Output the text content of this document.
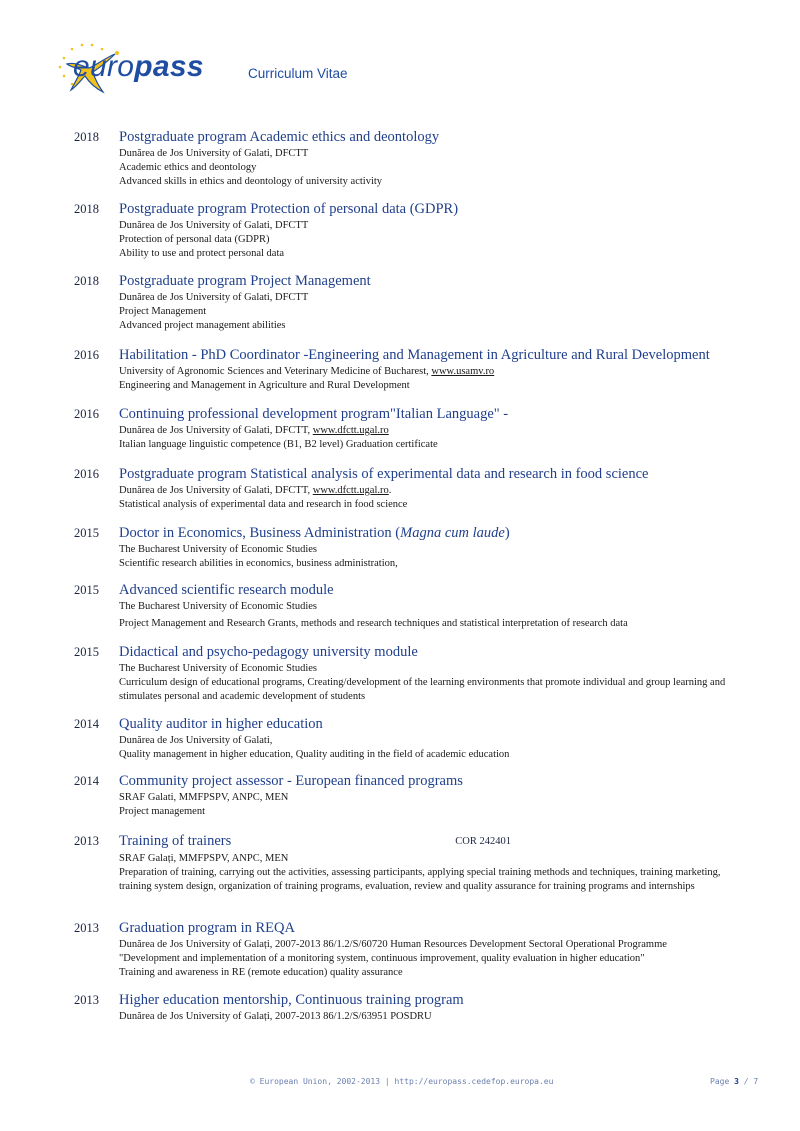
europass	Curriculum Vitae
2018 Postgraduate program Academic ethics and deontology
Dunărea de Jos University of Galati, DFCTT
Academic ethics and deontology
Advanced skills in ethics and deontology of university activity
2018 Postgraduate program Protection of personal data (GDPR)
Dunărea de Jos University of Galati, DFCTT
Protection of personal data (GDPR)
Ability to use and protect personal data
2018 Postgraduate program Project Management
Dunărea de Jos University of Galati, DFCTT
Project Management
Advanced project management abilities
2016 Habilitation - PhD Coordinator -Engineering and Management in Agriculture and Rural Development
University of Agronomic Sciences and Veterinary Medicine of Bucharest, www.usamv.ro
Engineering and Management in Agriculture and Rural Development
2016 Continuing professional development program"Italian Language" -
Dunărea de Jos University of Galati, DFCTT, www.dfctt.ugal.ro
Italian language linguistic competence (B1, B2 level) Graduation certificate
2016 Postgraduate program Statistical analysis of experimental data and research in food science
Dunărea de Jos University of Galati, DFCTT, www.dfctt.ugal.ro.
Statistical analysis of experimental data and research in food science
2015 Doctor in Economics, Business Administration (Magna cum laude)
The Bucharest University of Economic Studies
Scientific research abilities in economics, business administration,
2015 Advanced scientific research module
The Bucharest University of Economic Studies
Project Management and Research Grants, methods and research techniques and statistical interpretation of research data
2015 Didactical and psycho-pedagogy university module
The Bucharest University of Economic Studies
Curriculum design of educational programs, Creating/development of the learning environments that promote individual and group learning and stimulates personal and academic development of students
2014 Quality auditor in higher education
Dunărea de Jos University of Galati,
Quality management in higher education, Quality auditing in the field of academic education
2014 Community project assessor - European financed programs
SRAF Galati, MMFPSPV, ANPC, MEN
Project management
2013 Training of trainers	COR 242401
SRAF Galați, MMFPSPV, ANPC, MEN
Preparation of training, carrying out the activities, assessing participants, applying special training methods and techniques, training marketing, training system design, organization of training programs, evaluation, review and quality assurance for training programs and internships
2013 Graduation program in REQA
Dunărea de Jos University of Galați, 2007-2013 86/1.2/S/60720 Human Resources Development Sectoral Operational Programme
"Development and implementation of a monitoring system, continuous improvement, quality evaluation in higher education"
Training and awareness in RE (remote education) quality assurance
2013 Higher education mentorship, Continuous training program
Dunărea de Jos University of Galați, 2007-2013 86/1.2/S/63951 POSDRU
© European Union, 2002-2013 | http://europass.cedefop.europa.eu	Page 3 / 7
